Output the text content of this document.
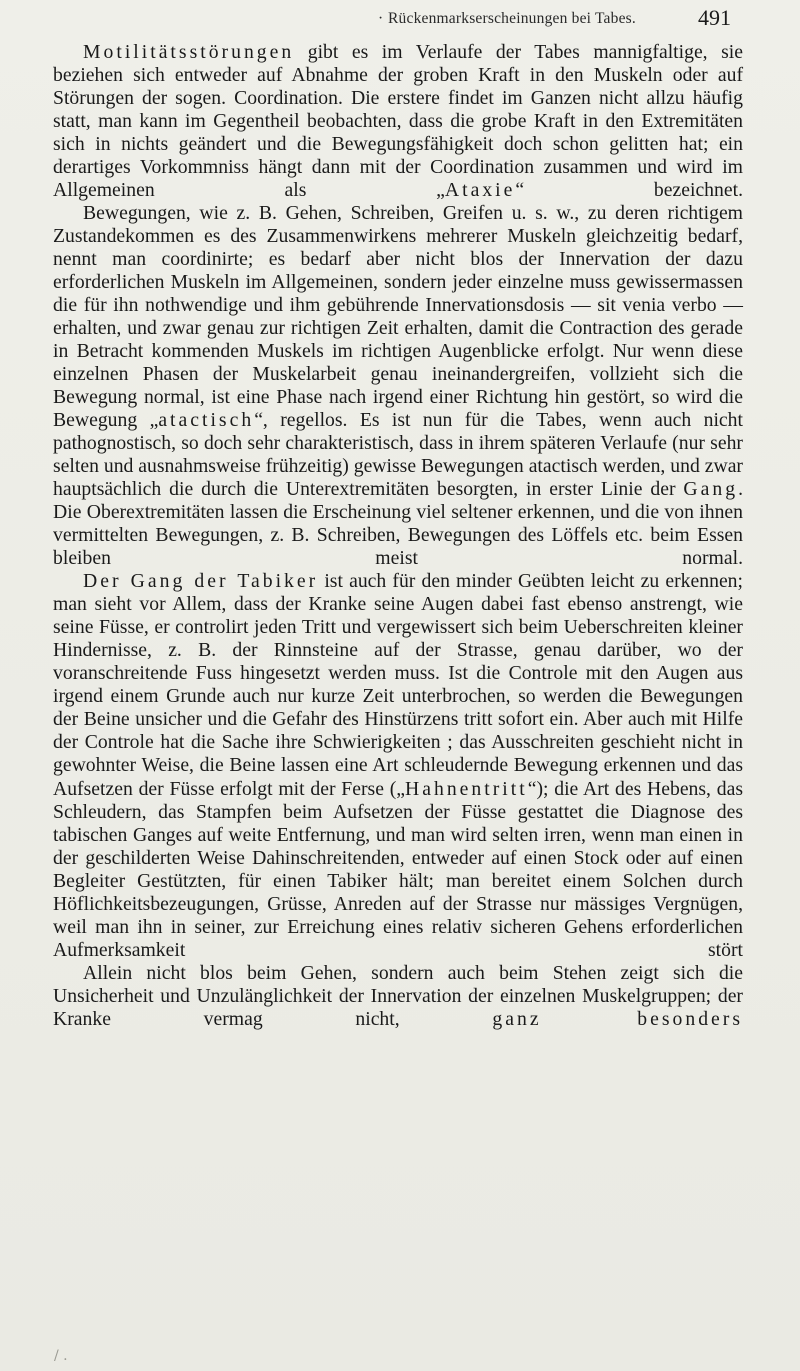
· Rückenmarkserscheinungen bei Tabes.	491

Motilitätsstörungen gibt es im Verlaufe der Tabes mannigfaltige, sie beziehen sich entweder auf Abnahme der groben Kraft in den Muskeln oder auf Störungen der sogen. Coordination. Die erstere findet im Ganzen nicht allzu häufig statt, man kann im Gegentheil beobachten, dass die grobe Kraft in den Extremitäten sich in nichts geändert und die Bewegungsfähigkeit doch schon gelitten hat; ein derartiges Vorkommniss hängt dann mit der Coordination zusammen und wird im Allgemeinen als „Ataxie“ bezeichnet.

Bewegungen, wie z. B. Gehen, Schreiben, Greifen u. s. w., zu deren richtigem Zustandekommen es des Zusammenwirkens mehrerer Muskeln gleichzeitig bedarf, nennt man coordinirte; es bedarf aber nicht blos der Innervation der dazu erforderlichen Muskeln im Allgemeinen, sondern jeder einzelne muss gewissermassen die für ihn nothwendige und ihm gebührende Innervationsdosis — sit venia verbo — erhalten, und zwar genau zur richtigen Zeit erhalten, damit die Contraction des gerade in Betracht kommenden Muskels im richtigen Augenblicke erfolgt. Nur wenn diese einzelnen Phasen der Muskelarbeit genau ineinandergreifen, vollzieht sich die Bewegung normal, ist eine Phase nach irgend einer Richtung hin gestört, so wird die Bewegung „atactisch“, regellos. Es ist nun für die Tabes, wenn auch nicht pathognostisch, so doch sehr charakteristisch, dass in ihrem späteren Verlaufe (nur sehr selten und ausnahmsweise frühzeitig) gewisse Bewegungen atactisch werden, und zwar hauptsächlich die durch die Unterextremitäten besorgten, in erster Linie der Gang. Die Oberextremitäten lassen die Erscheinung viel seltener erkennen, und die von ihnen vermittelten Bewegungen, z. B. Schreiben, Bewegungen des Löffels etc. beim Essen bleiben meist normal.

Der Gang der Tabiker ist auch für den minder Geübten leicht zu erkennen; man sieht vor Allem, dass der Kranke seine Augen dabei fast ebenso anstrengt, wie seine Füsse, er controlirt jeden Tritt und vergewissert sich beim Ueberschreiten kleiner Hindernisse, z. B. der Rinnsteine auf der Strasse, genau darüber, wo der voranschreitende Fuss hingesetzt werden muss. Ist die Controle mit den Augen aus irgend einem Grunde auch nur kurze Zeit unterbrochen, so werden die Bewegungen der Beine unsicher und die Gefahr des Hinstürzens tritt sofort ein. Aber auch mit Hilfe der Controle hat die Sache ihre Schwierigkeiten ; das Ausschreiten geschieht nicht in gewohnter Weise, die Beine lassen eine Art schleudernde Bewegung erkennen und das Aufsetzen der Füsse erfolgt mit der Ferse („Hahnentritt“); die Art des Hebens, das Schleudern, das Stampfen beim Aufsetzen der Füsse gestattet die Diagnose des tabischen Ganges auf weite Entfernung, und man wird selten irren, wenn man einen in der geschilderten Weise Dahinschreitenden, entweder auf einen Stock oder auf einen Begleiter Gestützten, für einen Tabiker hält; man bereitet einem Solchen durch Höflichkeitsbezeugungen, Grüsse, Anreden auf der Strasse nur mässiges Vergnügen, weil man ihn in seiner, zur Erreichung eines relativ sicheren Gehens erforderlichen Aufmerksamkeit stört

Allein nicht blos beim Gehen, sondern auch beim Stehen zeigt sich die Unsicherheit und Unzulänglichkeit der Innervation der einzelnen Muskelgruppen; der Kranke vermag nicht, ganz besonders

/ .
